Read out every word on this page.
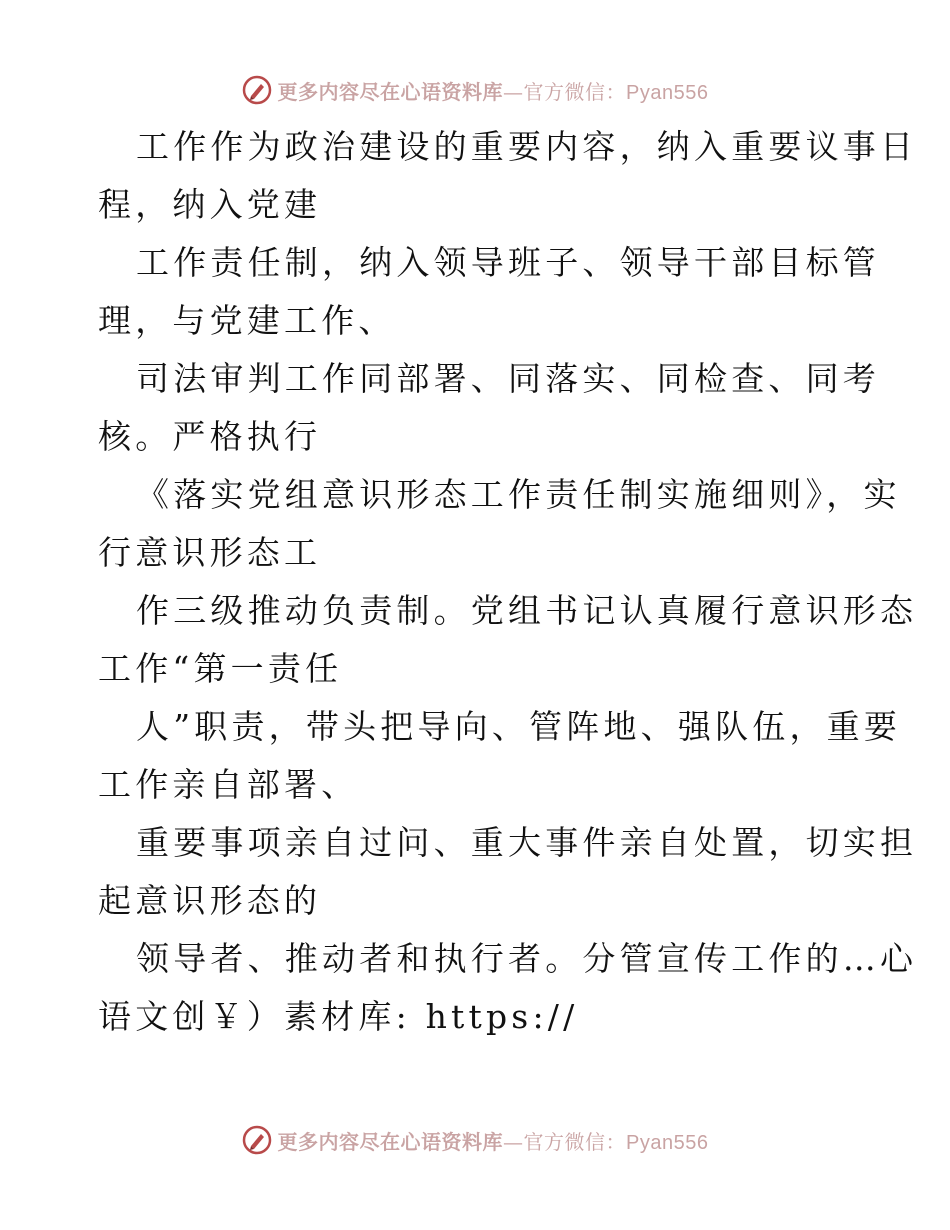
更多内容尽在心语资料库—官方微信：Pyan556
工作作为政治建设的重要内容，纳入重要议事日
程，纳入党建
工作责任制，纳入领导班子、领导干部目标管
理，与党建工作、
司法审判工作同部署、同落实、同检查、同考
核。严格执行
《落实党组意识形态工作责任制实施细则》，实
行意识形态工
作三级推动负责制。党组书记认真履行意识形态
工作“第一责任
人”职责，带头把导向、管阵地、强队伍，重要
工作亲自部署、
重要事项亲自过问、重大事件亲自处置，切实担
起意识形态的
领导者、推动者和执行者。分管宣传工作的…心
语文创￥）素材库: https://
更多内容尽在心语资料库—官方微信：Pyan556
